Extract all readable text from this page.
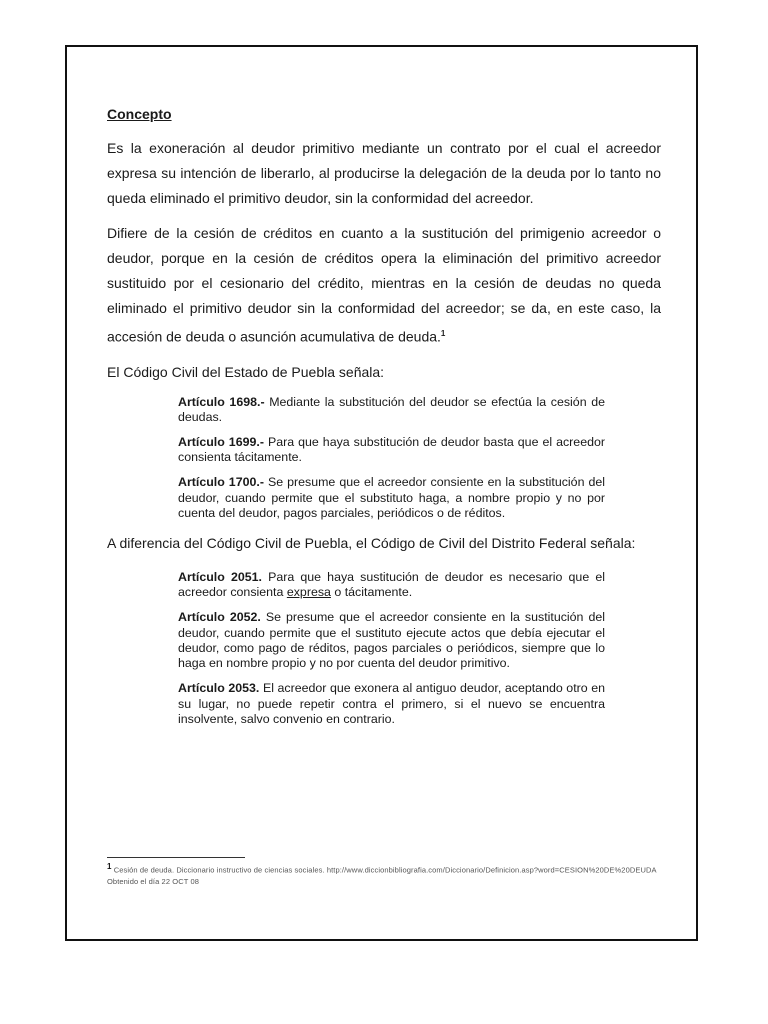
Concepto

Es la exoneración al deudor primitivo mediante un contrato por el cual el acreedor expresa su intención de liberarlo, al producirse la delegación de la deuda por lo tanto no queda eliminado el primitivo deudor, sin la conformidad del acreedor.

Difiere de la cesión de créditos en cuanto a la sustitución del primigenio acreedor o deudor, porque en la cesión de créditos opera la eliminación del primitivo acreedor sustituido por el cesionario del crédito, mientras en la cesión de deudas no queda eliminado el primitivo deudor sin la conformidad del acreedor; se da, en este caso, la accesión de deuda o asunción acumulativa de deuda.$^1$

El Código Civil del Estado de Puebla señala:

Artículo 1698.- Mediante la substitución del deudor se efectúa la cesión de deudas.

Artículo 1699.- Para que haya substitución de deudor basta que el acreedor consienta tácitamente.

Artículo 1700.- Se presume que el acreedor consiente en la substitución del deudor, cuando permite que el substituto haga, a nombre propio y no por cuenta del deudor, pagos parciales, periódicos o de réditos.

A diferencia del Código Civil de Puebla, el Código de Civil del Distrito Federal señala:

Artículo 2051. Para que haya sustitución de deudor es necesario que el acreedor consienta expresa o tácitamente.

Artículo 2052. Se presume que el acreedor consiente en la sustitución del deudor, cuando permite que el sustituto ejecute actos que debía ejecutar el deudor, como pago de réditos, pagos parciales o periódicos, siempre que lo haga en nombre propio y no por cuenta del deudor primitivo.

Artículo 2053. El acreedor que exonera al antiguo deudor, aceptando otro en su lugar, no puede repetir contra el primero, si el nuevo se encuentra insolvente, salvo convenio en contrario.

$^1$ Cesión de deuda. Diccionario instructivo de ciencias sociales. http://www.diccionbibliografia.com/Diccionario/Definicion.asp?word=CESION%20DE%20DEUDA Obtenido el día 22 OCT 08
